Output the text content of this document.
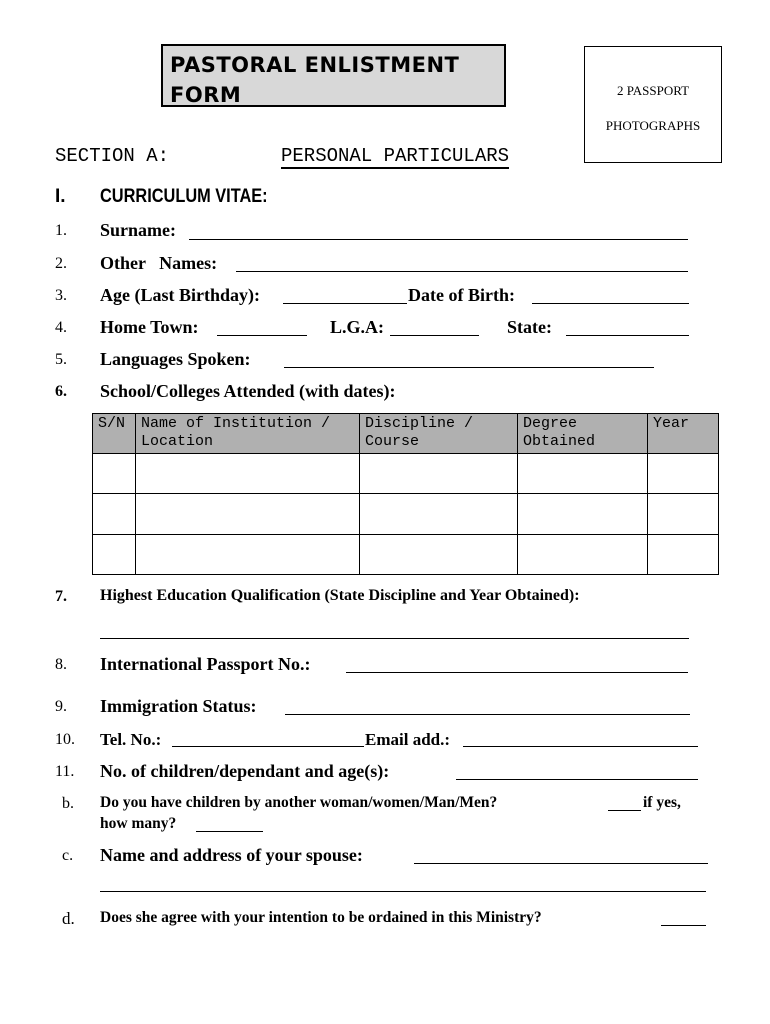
PASTORAL ENLISTMENT
FORM	2 PASSPORT
PHOTOGRAPHS
SECTION A:	PERSONAL PARTICULARS
I. CURRICULUM VITAE:
1. Surname:
2. Other   Names:
3. Age (Last Birthday):	Date of Birth:
4. Home Town:	L.G.A:	State:
5. Languages Spoken:
6. School/Colleges Attended (with dates):
S/N	Name of Institution / Location	Discipline / Course	Degree Obtained	Year

7. Highest Education Qualification (State Discipline and Year Obtained):
8. International Passport No.:
9. Immigration Status:
10. Tel. No.:	Email add.:
11. No. of children/dependant and age(s):
b. Do you have children by another woman/women/Man/Men?	if yes,
how many?
c. Name and address of your spouse:
d. Does she agree with your intention to be ordained in this Ministry?
